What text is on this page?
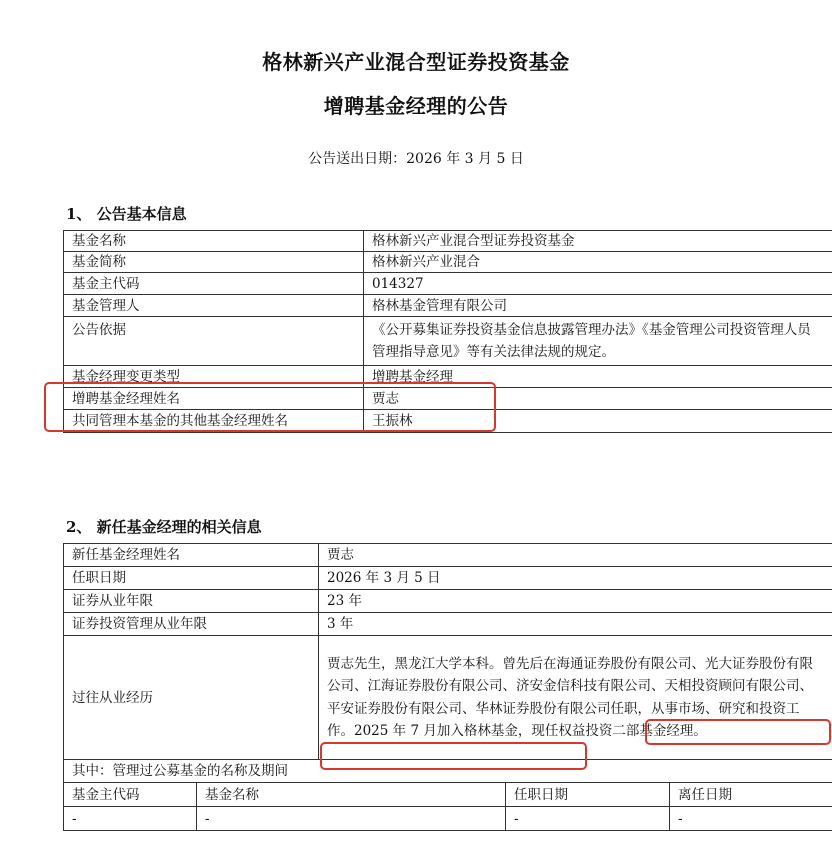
格林新兴产业混合型证券投资基金
增聘基金经理的公告
公告送出日期：2026 年 3 月 5 日
1、 公告基本信息
基金名称	格林新兴产业混合型证券投资基金
基金简称	格林新兴产业混合
基金主代码	014327
基金管理人	格林基金管理有限公司
公告依据	《公开募集证券投资基金信息披露管理办法》《基金管理公司投资管理人员管理指导意见》等有关法律法规的规定。
基金经理变更类型	增聘基金经理
增聘基金经理姓名	贾志
共同管理本基金的其他基金经理姓名	王振林
2、 新任基金经理的相关信息
新任基金经理姓名		贾志		
任职日期		2026 年 3 月 5 日		
证券从业年限		23 年		
证券投资管理从业年限		3 年		
过往从业经历		贾志先生，黑龙江大学本科。曾先后在海通证券股份有限公司、光大证券股份有限公司、江海证券股份有限公司、济安金信科技有限公司、天相投资顾问有限公司、平安证券股份有限公司、华林证券股份有限公司任职，从事市场、研究和投资工作。2025 年 7 月加入格林基金，现任权益投资二部基金经理。		
其中：管理过公募基金的名称及期间				
基金主代码	基金名称		任职日期	离任日期
-	-		-	-
